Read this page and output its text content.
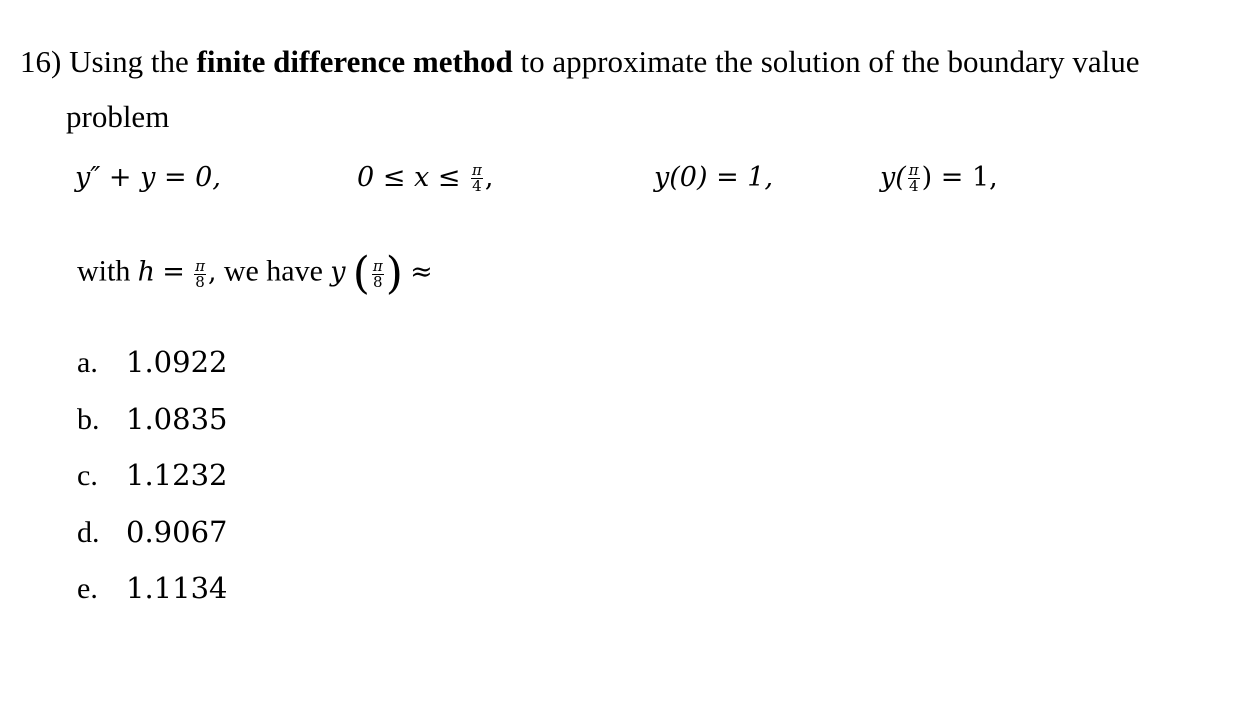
16) Using the finite difference method to approximate the solution of the boundary value
problem
y″ + y = 0,	$0 \le x \le \frac{\pi}{4}$ ,	y(0) = 1,	$y( \frac{\pi}{4}$ ) = 1,
with $h = \frac{\pi}{8}$ , we have y ( $\frac{\pi}{8}$ ) ≈
a. 1.0922
b. 1.0835
c. 1.1232
d. 0.9067
e. 1.1134
